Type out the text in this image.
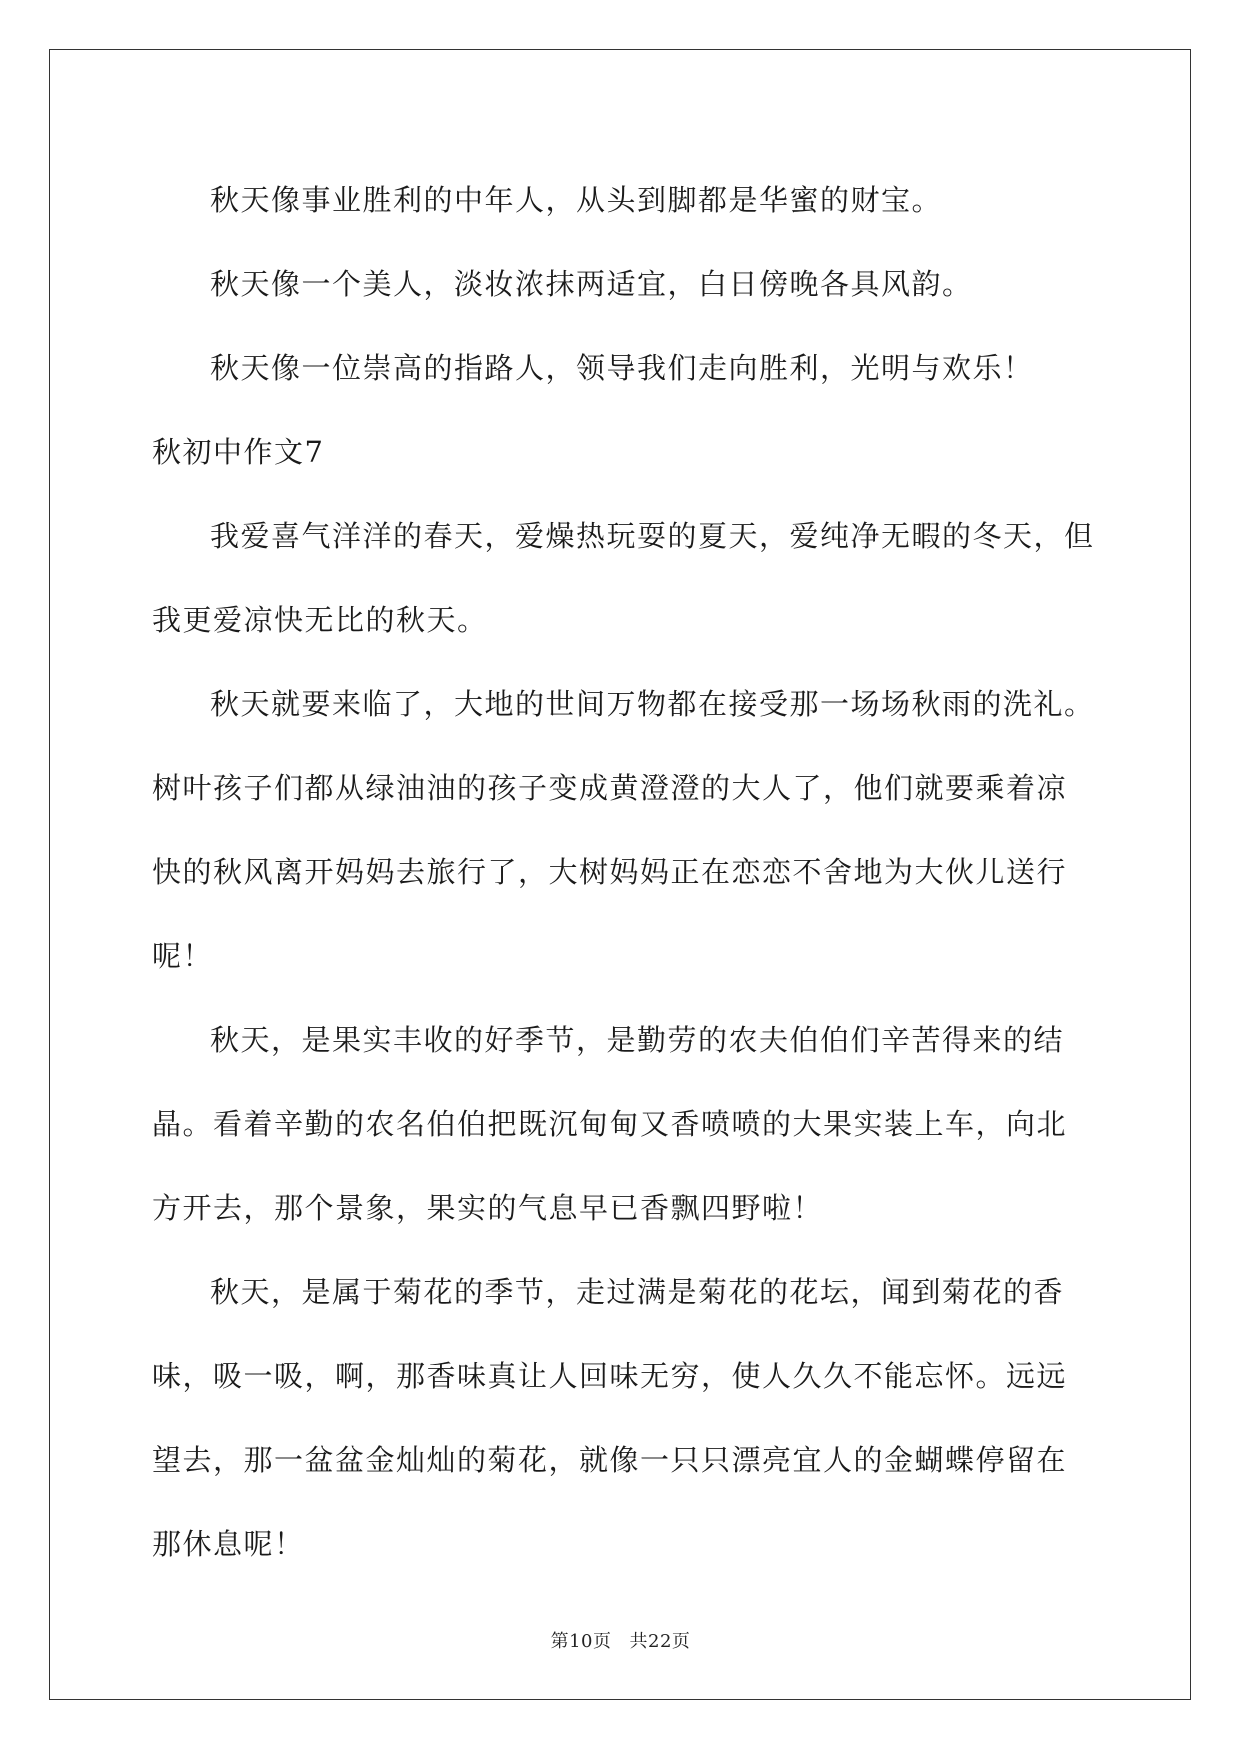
秋天像事业胜利的中年人，从头到脚都是华蜜的财宝。

秋天像一个美人，淡妆浓抹两适宜，白日傍晚各具风韵。

秋天像一位崇高的指路人，领导我们走向胜利，光明与欢乐！

秋初中作文7

我爱喜气洋洋的春天，爱燥热玩耍的夏天，爱纯净无暇的冬天，但我更爱凉快无比的秋天。

秋天就要来临了，大地的世间万物都在接受那一场场秋雨的洗礼。树叶孩子们都从绿油油的孩子变成黄澄澄的大人了，他们就要乘着凉快的秋风离开妈妈去旅行了，大树妈妈正在恋恋不舍地为大伙儿送行呢！

秋天，是果实丰收的好季节，是勤劳的农夫伯伯们辛苦得来的结晶。看着辛勤的农名伯伯把既沉甸甸又香喷喷的大果实装上车，向北方开去，那个景象，果实的气息早已香飘四野啦！

秋天，是属于菊花的季节，走过满是菊花的花坛，闻到菊花的香味，吸一吸，啊，那香味真让人回味无穷，使人久久不能忘怀。远远望去，那一盆盆金灿灿的菊花，就像一只只漂亮宜人的金蝴蝶停留在那休息呢！

第10页 共22页
